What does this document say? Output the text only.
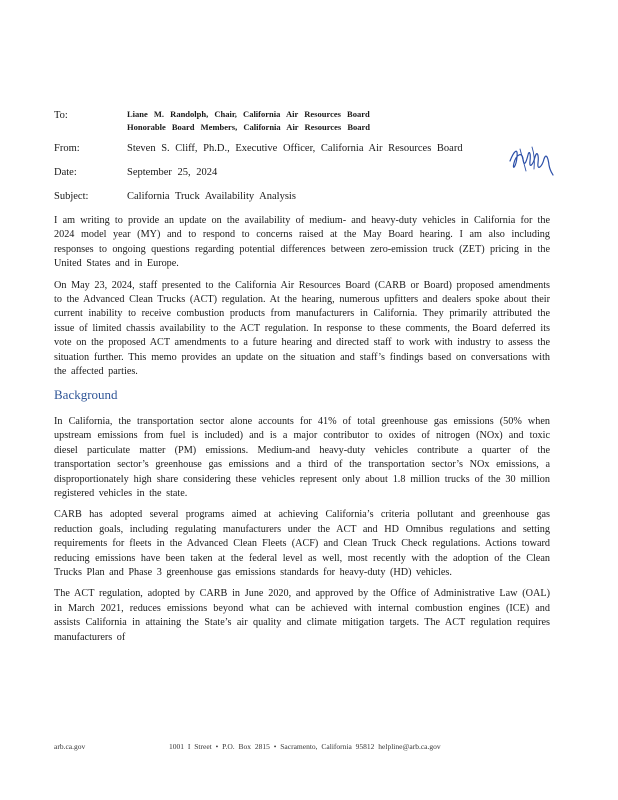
To:	Liane M. Randolph, Chair, California Air Resources Board
Honorable Board Members, California Air Resources Board
From:	Steven S. Cliff, Ph.D., Executive Officer, California Air Resources Board
Date:	September 25, 2024
Subject:	California Truck Availability Analysis

I am writing to provide an update on the availability of medium- and heavy-duty vehicles in California for the 2024 model year (MY) and to respond to concerns raised at the May Board hearing. I am also including responses to ongoing questions regarding potential differences between zero-emission truck (ZET) pricing in the United States and in Europe.

On May 23, 2024, staff presented to the California Air Resources Board (CARB or Board) proposed amendments to the Advanced Clean Trucks (ACT) regulation. At the hearing, numerous upfitters and dealers spoke about their current inability to receive combustion products from manufacturers in California. They primarily attributed the issue of limited chassis availability to the ACT regulation. In response to these comments, the Board deferred its vote on the proposed ACT amendments to a future hearing and directed staff to work with industry to assess the situation further. This memo provides an update on the situation and staff’s findings based on conversations with the affected parties.

Background

In California, the transportation sector alone accounts for 41% of total greenhouse gas emissions (50% when upstream emissions from fuel is included) and is a major contributor to oxides of nitrogen (NOx) and toxic diesel particulate matter (PM) emissions. Medium-and heavy-duty vehicles contribute a quarter of the transportation sector’s greenhouse gas emissions and a third of the transportation sector’s NOx emissions, a disproportionately high share considering these vehicles represent only about 1.8 million trucks of the 30 million registered vehicles in the state.

CARB has adopted several programs aimed at achieving California’s criteria pollutant and greenhouse gas reduction goals, including regulating manufacturers under the ACT and HD Omnibus regulations and setting requirements for fleets in the Advanced Clean Fleets (ACF) and Clean Truck Check regulations. Actions toward reducing emissions have been taken at the federal level as well, most recently with the adoption of the Clean Trucks Plan and Phase 3 greenhouse gas emissions standards for heavy-duty (HD) vehicles.

The ACT regulation, adopted by CARB in June 2020, and approved by the Office of Administrative Law (OAL) in March 2021, reduces emissions beyond what can be achieved with internal combustion engines (ICE) and assists California in attaining the State’s air quality and climate mitigation targets. The ACT regulation requires manufacturers of

arb.ca.gov	1001 I Street • P.O. Box 2815 • Sacramento, California 95812 helpline@arb.ca.gov
